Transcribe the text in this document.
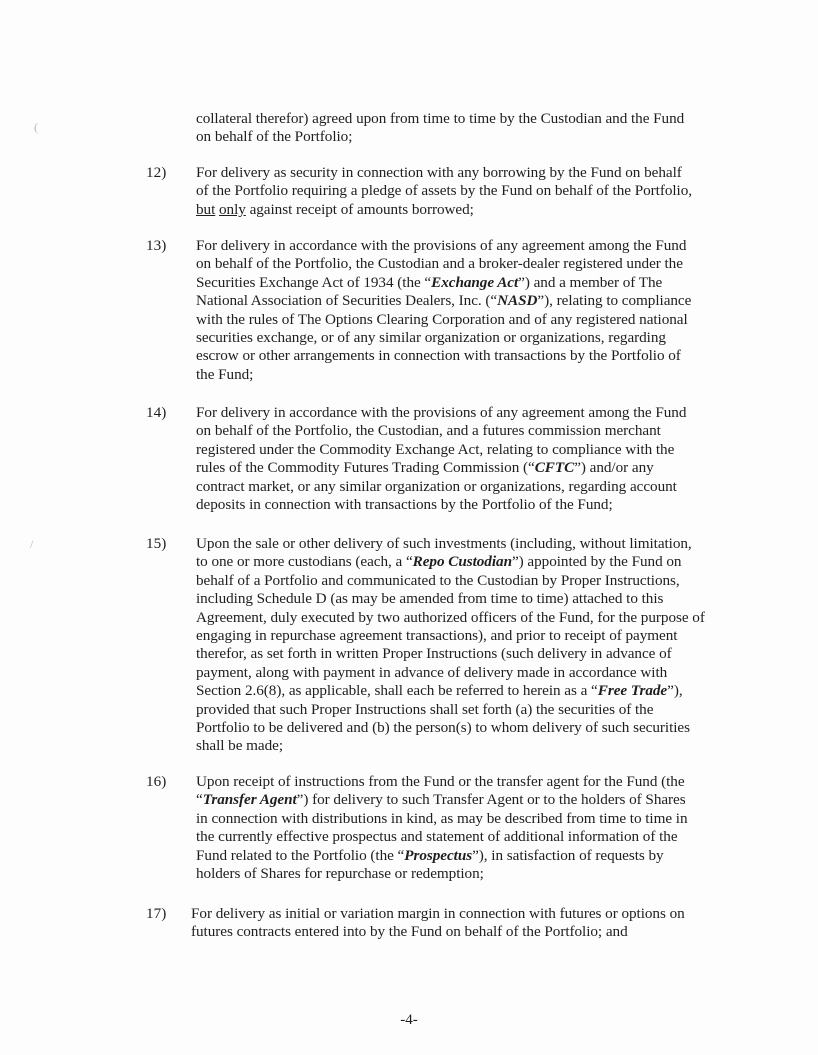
(
/
collateral therefor) agreed upon from time to time by the Custodian and the Fund
on behalf of the Portfolio;
12) For delivery as security in connection with any borrowing by the Fund on behalf
of the Portfolio requiring a pledge of assets by the Fund on behalf of the Portfolio,
but only against receipt of amounts borrowed;
13) For delivery in accordance with the provisions of any agreement among the Fund
on behalf of the Portfolio, the Custodian and a broker-dealer registered under the
Securities Exchange Act of 1934 (the “Exchange Act”) and a member of The
National Association of Securities Dealers, Inc. (“NASD”), relating to compliance
with the rules of The Options Clearing Corporation and of any registered national
securities exchange, or of any similar organization or organizations, regarding
escrow or other arrangements in connection with transactions by the Portfolio of
the Fund;
14) For delivery in accordance with the provisions of any agreement among the Fund
on behalf of the Portfolio, the Custodian, and a futures commission merchant
registered under the Commodity Exchange Act, relating to compliance with the
rules of the Commodity Futures Trading Commission (“CFTC”) and/or any
contract market, or any similar organization or organizations, regarding account
deposits in connection with transactions by the Portfolio of the Fund;
15) Upon the sale or other delivery of such investments (including, without limitation,
to one or more custodians (each, a “Repo Custodian”) appointed by the Fund on
behalf of a Portfolio and communicated to the Custodian by Proper Instructions,
including Schedule D (as may be amended from time to time) attached to this
Agreement, duly executed by two authorized officers of the Fund, for the purpose of
engaging in repurchase agreement transactions), and prior to receipt of payment
therefor, as set forth in written Proper Instructions (such delivery in advance of
payment, along with payment in advance of delivery made in accordance with
Section 2.6(8), as applicable, shall each be referred to herein as a “Free Trade”),
provided that such Proper Instructions shall set forth (a) the securities of the
Portfolio to be delivered and (b) the person(s) to whom delivery of such securities
shall be made;
16) Upon receipt of instructions from the Fund or the transfer agent for the Fund (the
“Transfer Agent”) for delivery to such Transfer Agent or to the holders of Shares
in connection with distributions in kind, as may be described from time to time in
the currently effective prospectus and statement of additional information of the
Fund related to the Portfolio (the “Prospectus”), in satisfaction of requests by
holders of Shares for repurchase or redemption;
17) For delivery as initial or variation margin in connection with futures or options on
futures contracts entered into by the Fund on behalf of the Portfolio; and
-4-
